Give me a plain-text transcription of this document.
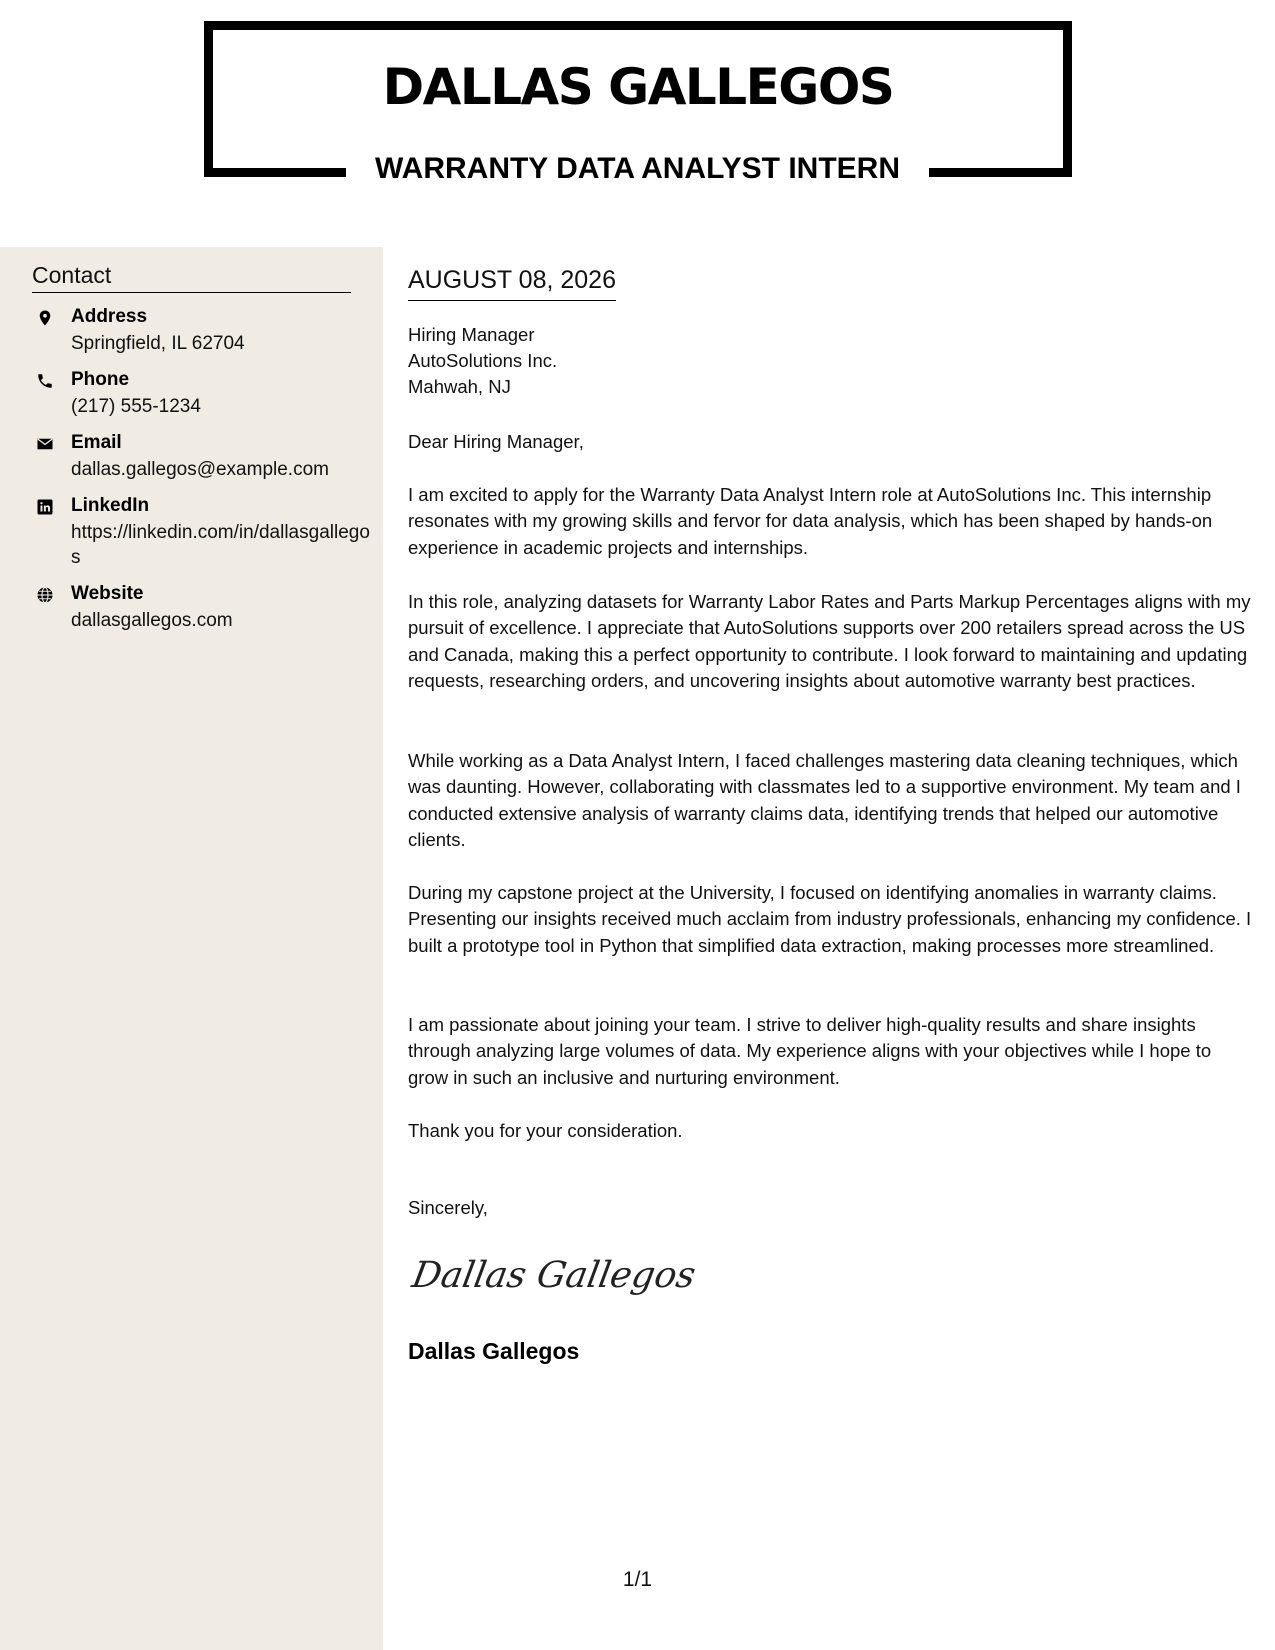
DALLAS GALLEGOS
WARRANTY DATA ANALYST INTERN
Contact
Address
Springfield, IL 62704
Phone
(217) 555-1234
Email
dallas.gallegos@example.com
LinkedIn
https://linkedin.com/in/dallasgallegos
Website
dallasgallegos.com
AUGUST 08, 2026
Hiring Manager
AutoSolutions Inc.
Mahwah, NJ
Dear Hiring Manager,
I am excited to apply for the Warranty Data Analyst Intern role at AutoSolutions Inc. This internship resonates with my growing skills and fervor for data analysis, which has been shaped by hands-on experience in academic projects and internships.
In this role, analyzing datasets for Warranty Labor Rates and Parts Markup Percentages aligns with my pursuit of excellence. I appreciate that AutoSolutions supports over 200 retailers spread across the US and Canada, making this a perfect opportunity to contribute. I look forward to maintaining and updating requests, researching orders, and uncovering insights about automotive warranty best practices.
While working as a Data Analyst Intern, I faced challenges mastering data cleaning techniques, which was daunting. However, collaborating with classmates led to a supportive environment. My team and I conducted extensive analysis of warranty claims data, identifying trends that helped our automotive clients.
During my capstone project at the University, I focused on identifying anomalies in warranty claims. Presenting our insights received much acclaim from industry professionals, enhancing my confidence. I built a prototype tool in Python that simplified data extraction, making processes more streamlined.
I am passionate about joining your team. I strive to deliver high-quality results and share insights through analyzing large volumes of data. My experience aligns with your objectives while I hope to grow in such an inclusive and nurturing environment.
Thank you for your consideration.
Sincerely,
Dallas Gallegos
Dallas Gallegos
1/1
